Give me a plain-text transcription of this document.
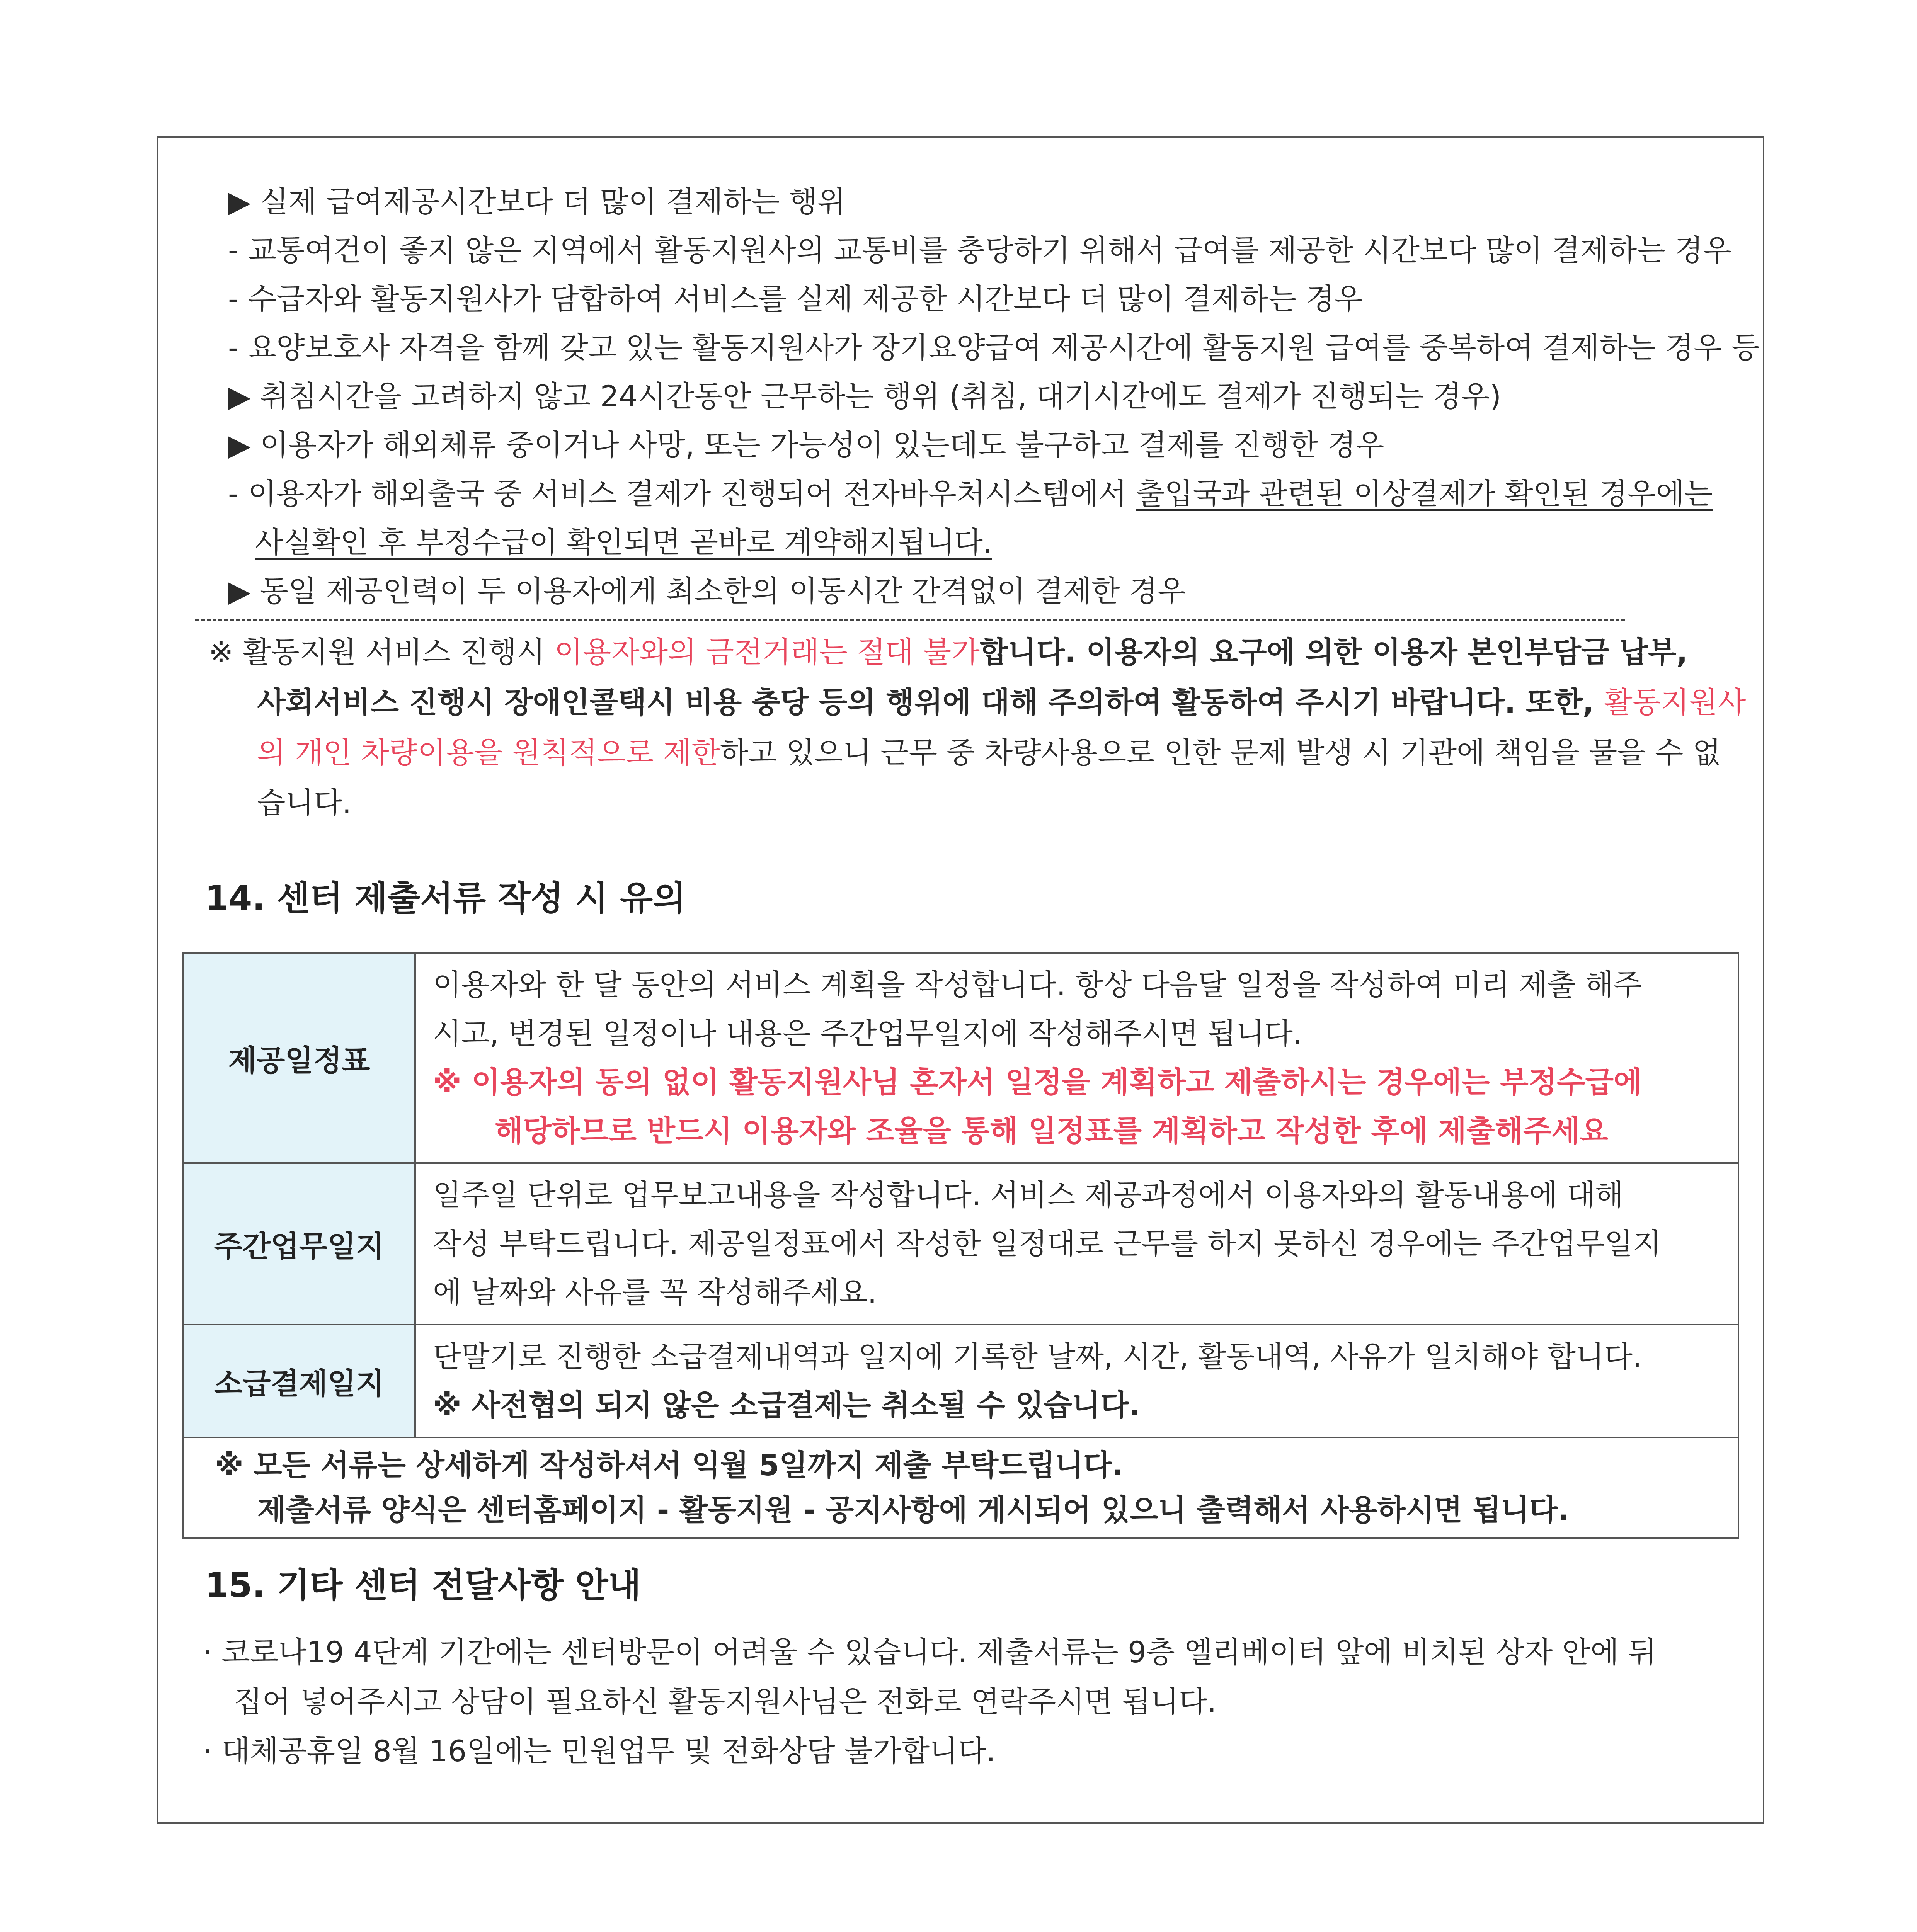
▶ 실제 급여제공시간보다 더 많이 결제하는 행위
- 교통여건이 좋지 않은 지역에서 활동지원사의 교통비를 충당하기 위해서 급여를 제공한 시간보다 많이 결제하는 경우
- 수급자와 활동지원사가 담합하여 서비스를 실제 제공한 시간보다 더 많이 결제하는 경우
- 요양보호사 자격을 함께 갖고 있는 활동지원사가 장기요양급여 제공시간에 활동지원 급여를 중복하여 결제하는 경우 등
▶ 취침시간을 고려하지 않고 24시간동안 근무하는 행위 (취침, 대기시간에도 결제가 진행되는 경우)
▶ 이용자가 해외체류 중이거나 사망, 또는 가능성이 있는데도 불구하고 결제를 진행한 경우
- 이용자가 해외출국 중 서비스 결제가 진행되어 전자바우처시스템에서 출입국과 관련된 이상결제가 확인된 경우에는
사실확인 후 부정수급이 확인되면 곧바로 계약해지됩니다.
▶ 동일 제공인력이 두 이용자에게 최소한의 이동시간 간격없이 결제한 경우
※ 활동지원 서비스 진행시 이용자와의 금전거래는 절대 불가합니다. 이용자의 요구에 의한 이용자 본인부담금 납부,
사회서비스 진행시 장애인콜택시 비용 충당 등의 행위에 대해 주의하여 활동하여 주시기 바랍니다. 또한, 활동지원사
의 개인 차량이용을 원칙적으로 제한하고 있으니 근무 중 차량사용으로 인한 문제 발생 시 기관에 책임을 물을 수 없
습니다.
14. 센터 제출서류 작성 시 유의
제공일정표	이용자와 한 달 동안의 서비스 계획을 작성합니다. 항상 다음달 일정을 작성하여 미리 제출 해주
시고, 변경된 일정이나 내용은 주간업무일지에 작성해주시면 됩니다.
※ 이용자의 동의 없이 활동지원사님 혼자서 일정을 계획하고 제출하시는 경우에는 부정수급에
해당하므로 반드시 이용자와 조율을 통해 일정표를 계획하고 작성한 후에 제출해주세요

주간업무일지	일주일 단위로 업무보고내용을 작성합니다. 서비스 제공과정에서 이용자와의 활동내용에 대해
작성 부탁드립니다. 제공일정표에서 작성한 일정대로 근무를 하지 못하신 경우에는 주간업무일지
에 날짜와 사유를 꼭 작성해주세요.

소급결제일지	단말기로 진행한 소급결제내역과 일지에 기록한 날짜, 시간, 활동내역, 사유가 일치해야 합니다.
※ 사전협의 되지 않은 소급결제는 취소될 수 있습니다.

※ 모든 서류는 상세하게 작성하셔서 익월 5일까지 제출 부탁드립니다.
제출서류 양식은 센터홈페이지 - 활동지원 - 공지사항에 게시되어 있으니 출력해서 사용하시면 됩니다.	
15. 기타 센터 전달사항 안내
· 코로나19 4단계 기간에는 센터방문이 어려울 수 있습니다. 제출서류는 9층 엘리베이터 앞에 비치된 상자 안에 뒤
집어 넣어주시고 상담이 필요하신 활동지원사님은 전화로 연락주시면 됩니다.
· 대체공휴일 8월 16일에는 민원업무 및 전화상담 불가합니다.
